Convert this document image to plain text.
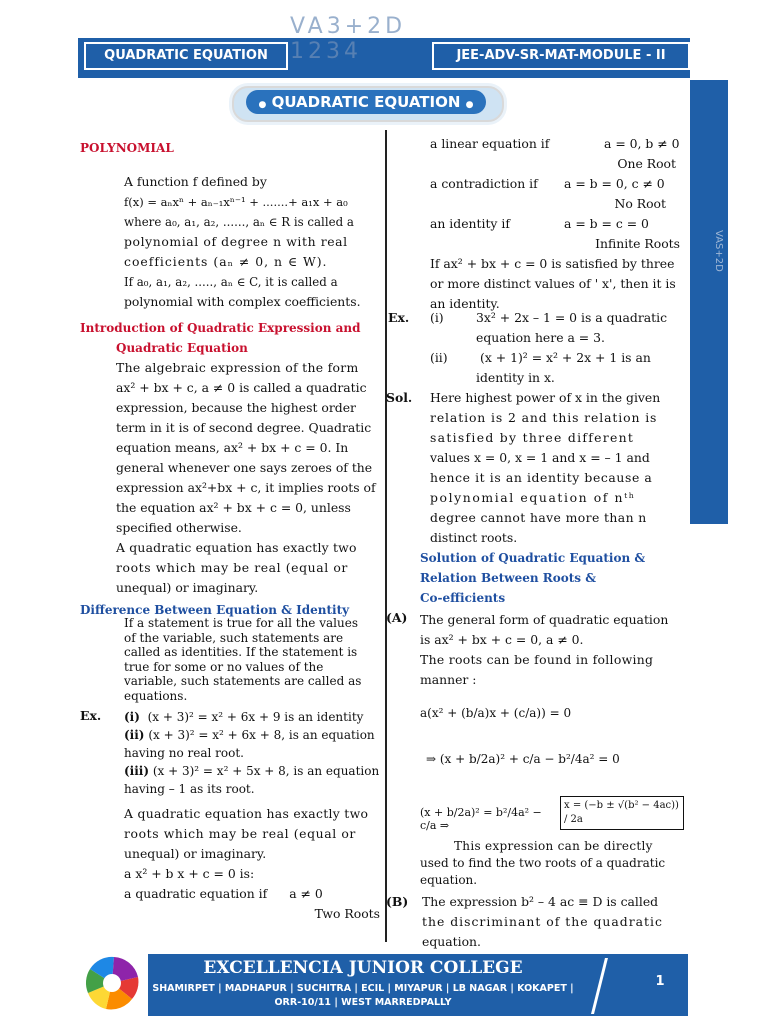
VA3+2D 1234
QUADRATIC EQUATION	JEE-ADV-SR-MAT-MODULE - II
VAS+2D
● QUADRATIC EQUATION ●
POLYNOMIAL
A function f defined by
f(x) = aₙxⁿ + aₙ₋₁xⁿ⁻¹ + .......+ a₁x + a₀
where a₀, a₁, a₂, ......, aₙ ∈ R is called a
polynomial of degree n with real
coefficients (aₙ ≠ 0, n ∈ W).
If a₀, a₁, a₂, ....., aₙ ∈ C, it is called a
polynomial with complex coefficients.
Introduction of Quadratic Expression and
Quadratic Equation
The algebraic expression of the form
ax² + bx + c, a ≠ 0 is called a quadratic
expression, because the highest order
term in it is of second degree. Quadratic
equation means, ax² + bx + c = 0. In
general whenever one says zeroes of the
expression ax²+bx + c, it implies roots of
the equation ax² + bx + c = 0, unless
specified otherwise.
A quadratic equation has exactly two
roots which may be real (equal or
unequal) or imaginary.
Difference Between Equation & Identity
If a statement is true for all the values
of the variable, such statements are
called as identities. If the statement is
true for some or no values of the
variable, such statements are called as
equations.
Ex. (i) (x + 3)² = x² + 6x + 9 is an identity
(ii) (x + 3)² = x² + 6x + 8, is an equation
having no real root.
(iii) (x + 3)² = x² + 5x + 8, is an equation
having – 1 as its root.
A quadratic equation has exactly two
roots which may be real (equal or
unequal) or imaginary.
a x² + b x + c = 0 is:
a quadratic equation if a ≠ 0
Two Roots
a linear equation if	a = 0, b ≠ 0
One Root
a contradiction if a = b = 0, c ≠ 0
No Root
an identity if	a = b = c = 0
Infinite Roots
If ax² + bx + c = 0 is satisfied by three
or more distinct values of ' x', then it is
an identity.
Ex. (i)	3x² + 2x – 1 = 0 is a quadratic
equation here a = 3.
(ii)	(x + 1)² = x² + 2x + 1 is an
identity in x.
Sol. Here highest power of x in the given
relation is 2 and this relation is
satisfied by three different
values x = 0, x = 1 and x = – 1 and
hence it is an identity because a
polynomial equation of nᵗʰ
degree cannot have more than n
distinct roots.
Solution of Quadratic Equation &
Relation Between Roots &
Co-efficients
(A) The general form of quadratic equation
is ax² + bx + c = 0, a ≠ 0.
The roots can be found in following
manner :
a(x² + (b/a)x + (c/a)) = 0
⇒ (x + b/2a)² + c/a − b²/4a² = 0
(x + b/2a)² = b²/4a² − c/a ⇒
x = (−b ± √(b² − 4ac)) / 2a
This expression can be directly
used to find the two roots of a quadratic
equation.
(B) The expression b² – 4 ac ≡ D is called
the discriminant of the quadratic
equation.
EXCELLENCIA JUNIOR COLLEGE
SHAMIRPET | MADHAPUR | SUCHITRA | ECIL | MIYAPUR | LB NAGAR | KOKAPET |
ORR-10/11 | WEST MARREDPALLY
1
